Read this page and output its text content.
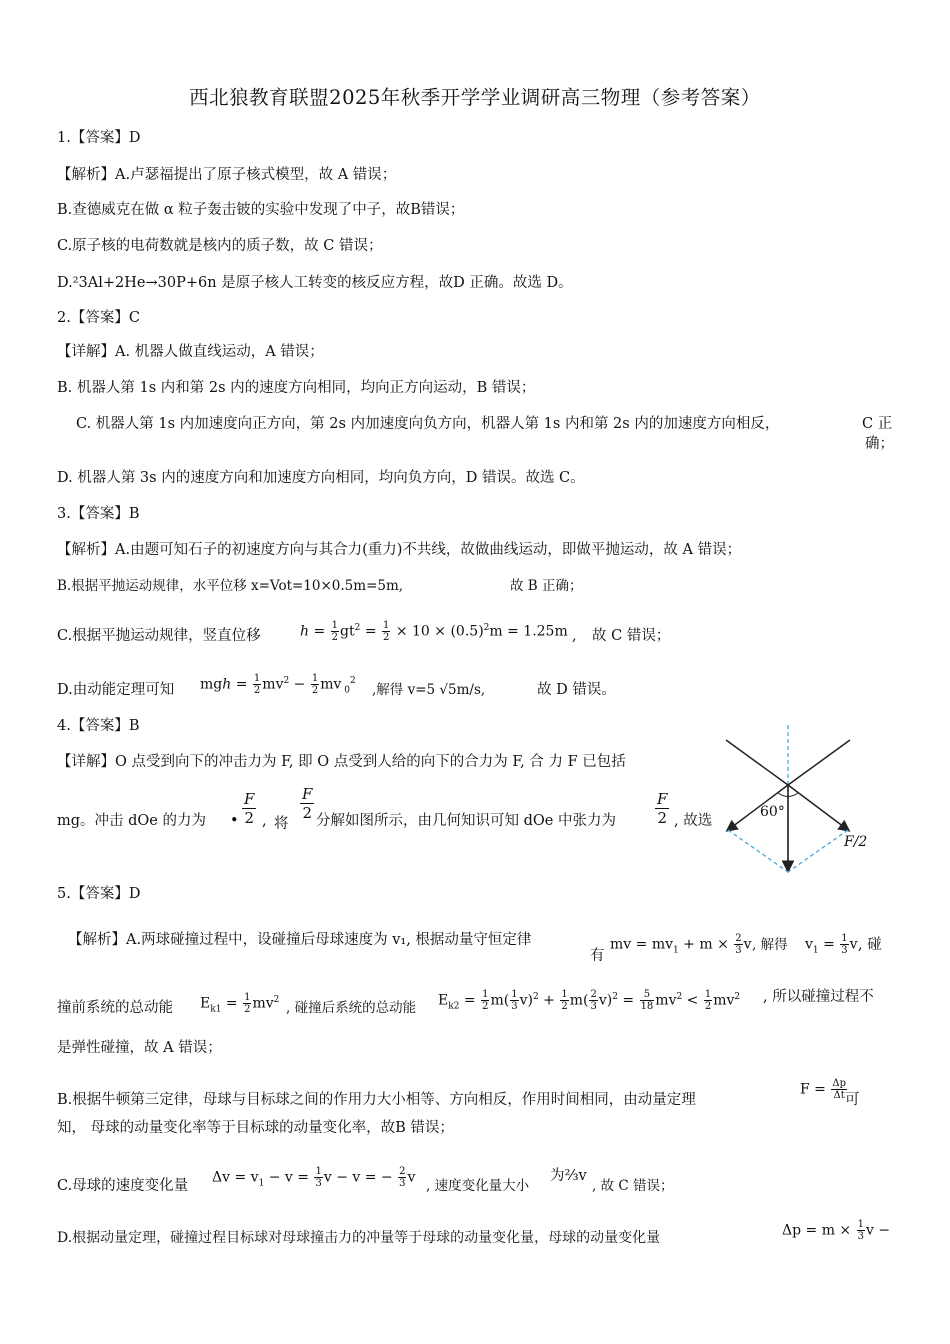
西北狼教育联盟2025年秋季开学学业调研高三物理（参考答案）
1.【答案】D
【解析】A.卢瑟福提出了原子核式模型，故 A 错误；
B.查德威克在做 α 粒子轰击铍的实验中发现了中子，故B错误；
C.原子核的电荷数就是核内的质子数，故 C 错误；
D.²3Al+2He→30P+6n 是原子核人工转变的核反应方程，故D 正确。故选 D。
2.【答案】C
【详解】A. 机器人做直线运动，A 错误；
B. 机器人第 1s 内和第 2s 内的速度方向相同，均向正方向运动，B 错误；
C. 机器人第 1s 内加速度向正方向，第 2s 内加速度向负方向，机器人第 1s 内和第 2s 内的加速度方向相反，	C 正
确；
D. 机器人第 3s 内的速度方向和加速度方向相同，均向负方向，D 错误。故选 C。
3.【答案】B
【解析】A.由题可知石子的初速度方向与其合力(重力)不共线，故做曲线运动，即做平抛运动，故 A 错误；
B.根据平抛运动规律，水平位移 x=Vot=10×0.5m=5m,	故 B 正确；
C.根据平抛运动规律，竖直位移	$h = \frac{1}{2} gt^2 = \frac{1}{2} \times 10 \times (0.5)^2m = 1.25m$ , 故 C 错误；
D.由动能定理可知 mgh = $\frac{1}{2} mv^2 - \frac{1}{2}$ mv $_0^2$
,解得 v=5 √5m/s,	故 D 错误。
4.【答案】B
【详解】O 点受到向下的冲击力为 F, 即 O 点受到人给的向下的合力为 F, 合 力 F 已包括
mg。冲击 dOe 的力为
F
2
• , 将
F
2 分解如图所示，由几何知识可知 dOe 中张力为
F
2 , 故选
60°
F/2
5.【答案】D
【解析】A.两球碰撞过程中，设碰撞后母球速度为 v₁, 根据动量守恒定律
有
mv = $mv_1 + m \times \frac{2}{3}$ v , 解得 $v_1 = \frac{1}{3}$ v , 碰
撞前系统的总动能 $E_{k1} = \frac{1}{2} mv^2$ , 碰撞后系统的总动能 $E_{k2} = \frac{1}{2} m( \frac{1}{3} v)^2 + \frac{1}{2} m( \frac{2}{3} v)^2 = \frac{5}{18} mv^2 < \frac{1}{2} mv^2$ , 所以碰撞过程不
是弹性碰撞，故 A 错误；
B.根据牛顿第三定律，母球与目标球之间的作用力大小相等、方向相反，作用时间相同，由动量定理
$F = \frac{\Delta p}{\Delta t}$
可
知， 母球的动量变化率等于目标球的动量变化率，故B 错误；
C.母球的速度变化量
$\Delta v = v_1 - v = \frac{1}{3}$ v − v = − $\frac{2}{3}$ v
, 速度变化量大小
为⅔v
, 故 C 错误；
D.根据动量定理，碰撞过程目标球对母球撞击力的冲量等于母球的动量变化量，母球的动量变化量	$\Delta p = m \times \frac{1}{3}$ v −
